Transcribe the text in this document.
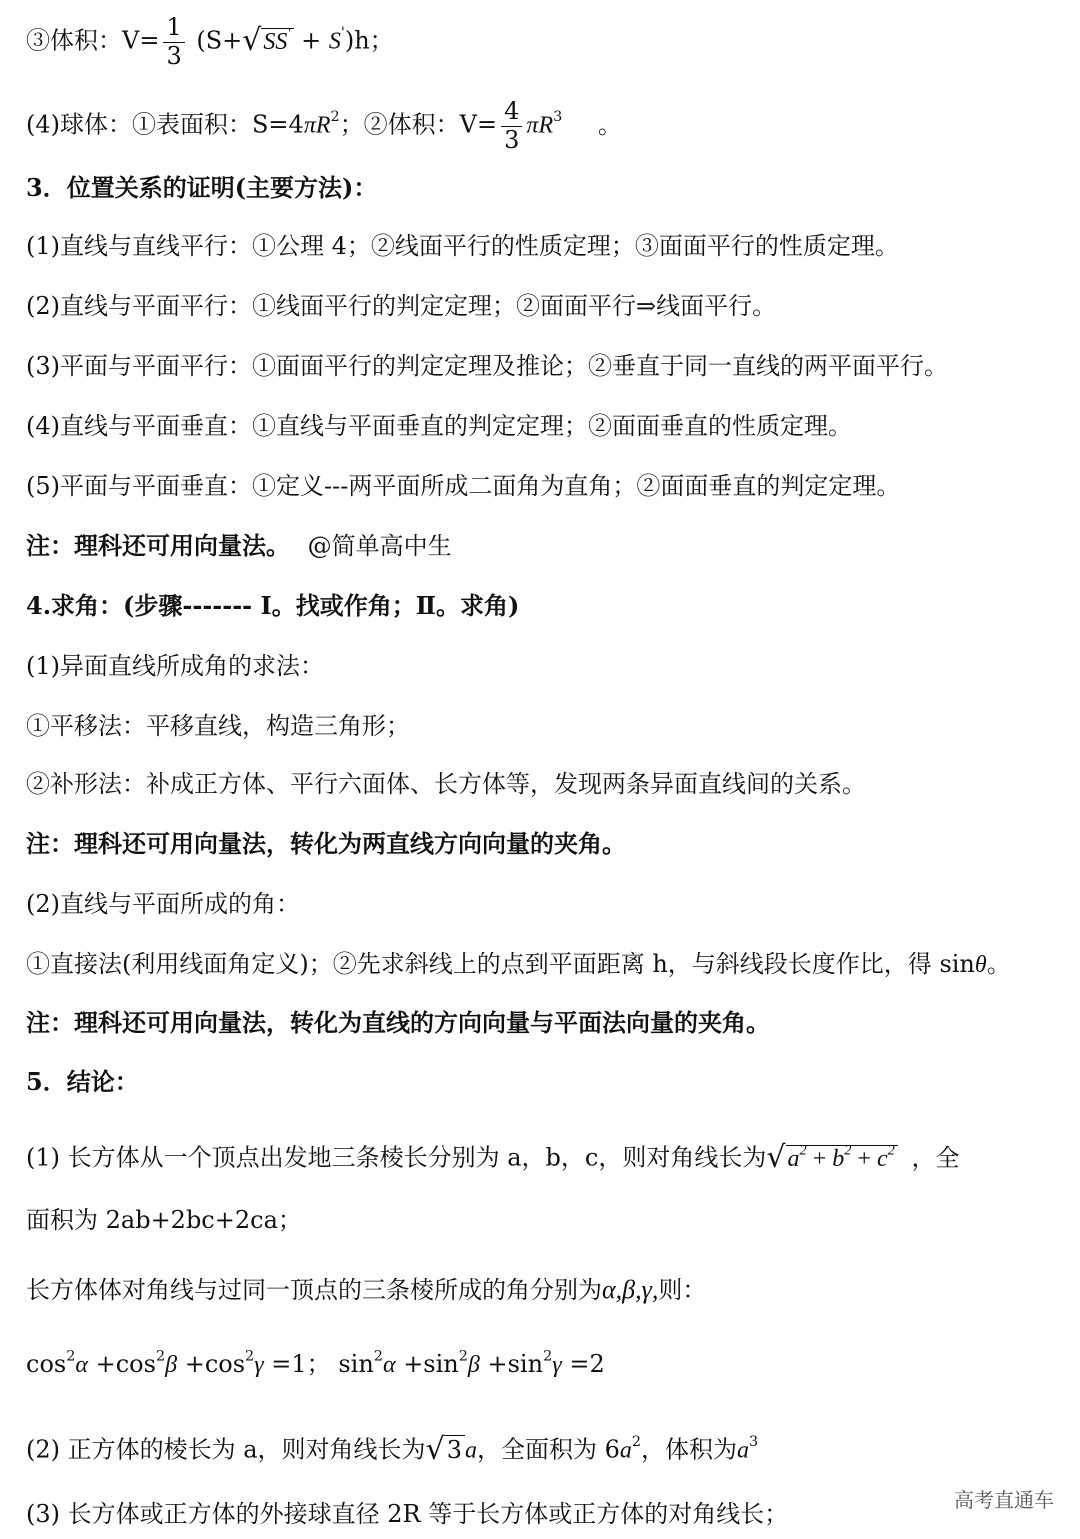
③体积：$V= \frac{1}{3} (S+√SS' + S')h$；
(4)球体：①表面积：$S=4\pi R^2$；②体积：$V= \frac{4}{3} \pi R^3$ 。
3．位置关系的证明(主要方法)：
(1)直线与直线平行：①公理 4；②线面平行的性质定理；③面面平行的性质定理。
(2)直线与平面平行：①线面平行的判定定理；②面面平行⇒线面平行。
(3)平面与平面平行：①面面平行的判定定理及推论；②垂直于同一直线的两平面平行。
(4)直线与平面垂直：①直线与平面垂直的判定定理；②面面垂直的性质定理。
(5)平面与平面垂直：①定义---两平面所成二面角为直角；②面面垂直的判定定理。
注：理科还可用向量法。 @简单高中生
4.求角：(步骤------- Ⅰ。找或作角；Ⅱ。求角)
(1)异面直线所成角的求法：
①平移法：平移直线，构造三角形；
②补形法：补成正方体、平行六面体、长方体等，发现两条异面直线间的关系。
注：理科还可用向量法，转化为两直线方向向量的夹角。
(2)直线与平面所成的角：
①直接法(利用线面角定义)；②先求斜线上的点到平面距离 h，与斜线段长度作比，得 sinθ。
注：理科还可用向量法，转化为直线的方向向量与平面法向量的夹角。
5．结论：
(1) 长方体从一个顶点出发地三条棱长分别为 a，b，c，则对角线长为$√a^2 + b^2 + c^2$ ，全
面积为 2ab+2bc+2ca；
长方体体对角线与过同一顶点的三条棱所成的角分别为α,β,γ,则：
$\cos^2\alpha +\cos^2\beta +\cos^2\gamma =1$； $\sin^2\alpha +\sin^2\beta +\sin^2\gamma =2$
(2) 正方体的棱长为 a，则对角线长为√3 a，全面积为 $6a^2$，体积为$a^3$
(3) 长方体或正方体的外接球直径 2R 等于长方体或正方体的对角线长；	高考直通车
